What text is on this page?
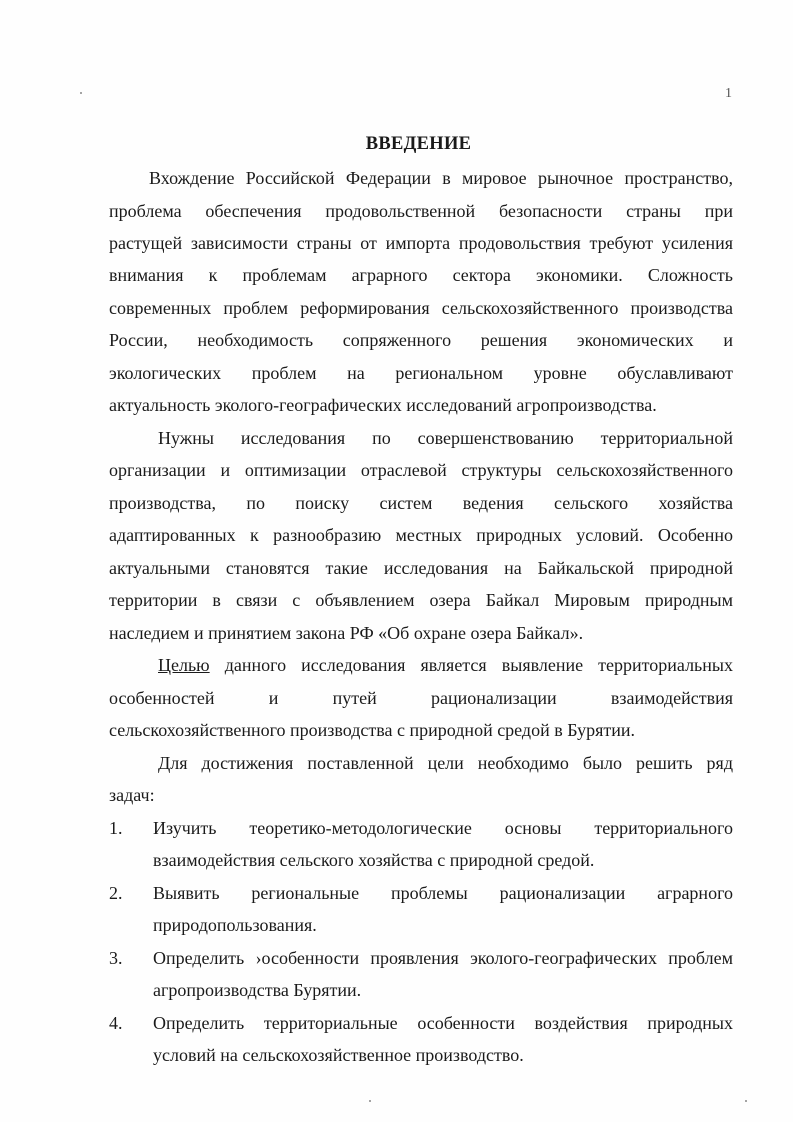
1
ВВЕДЕНИЕ
Вхождение Российской Федерации в мировое рыночное пространство,
проблема обеспечения продовольственной безопасности страны при
растущей зависимости страны от импорта продовольствия требуют усиления
внимания к проблемам аграрного сектора экономики. Сложность
современных проблем реформирования сельскохозяйственного производства
России, необходимость сопряженного решения экономических и
экологических проблем на региональном уровне обуславливают
актуальность эколого-географических исследований агропроизводства.
Нужны исследования по совершенствованию территориальной
организации и оптимизации отраслевой структуры сельскохозяйственного
производства, по поиску систем ведения сельского хозяйства
адаптированных к разнообразию местных природных условий. Особенно
актуальными становятся такие исследования на Байкальской природной
территории в связи с объявлением озера Байкал Мировым природным
наследием и принятием закона РФ «Об охране озера Байкал».
Целью данного исследования является выявление территориальных
особенностей и путей рационализации взаимодействия
сельскохозяйственного производства с природной средой в Бурятии.
Для достижения поставленной цели необходимо было решить ряд
задач:
1. Изучить теоретико-методологические основы территориального
взаимодействия сельского хозяйства с природной средой.
2. Выявить региональные проблемы рационализации аграрного
природопользования.
3. Определить ›особенности проявления эколого-географических проблем
агропроизводства Бурятии.
4. Определить территориальные особенности воздействия природных
условий на сельскохозяйственное производство.
